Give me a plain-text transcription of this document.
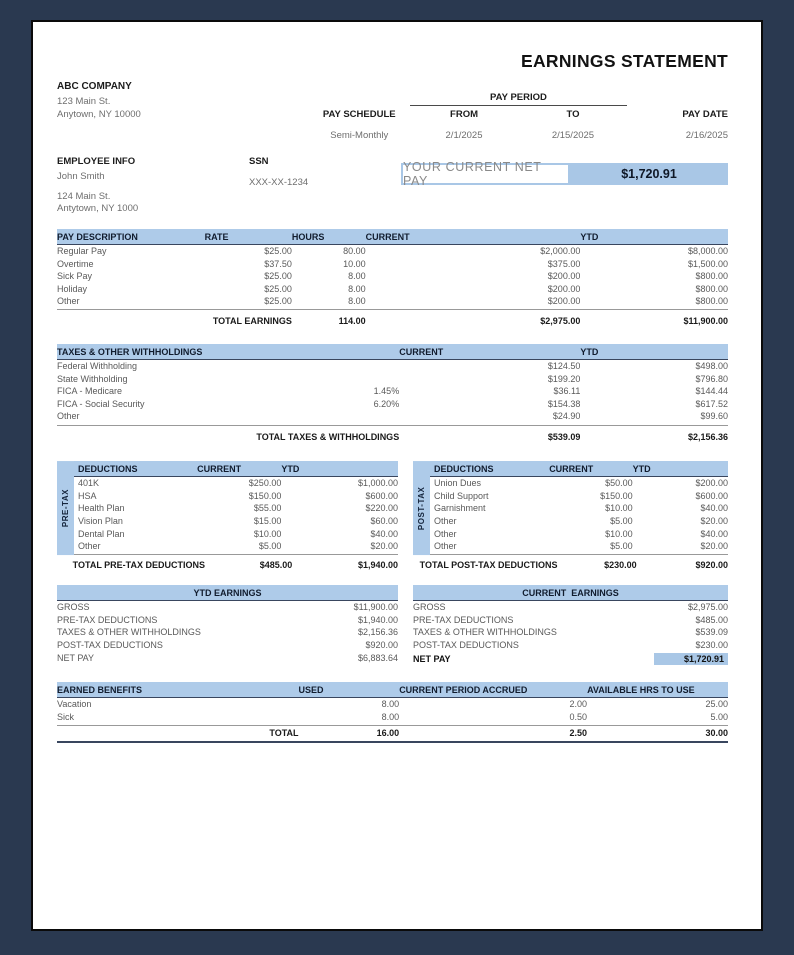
EARNINGS STATEMENT
ABC COMPANY
123 Main St.
Anytown, NY 10000
	PAY PERIOD		
PAY SCHEDULE	FROM	TO	PAY DATE
Semi-Monthly	2/1/2025	2/15/2025	2/16/2025
EMPLOYEE INFO
John Smith
124 Main St.
Antytown, NY 1000
SSN
XXX-XX-1234
YOUR CURRENT NET PAY	$1,720.91
PAY DESCRIPTION	RATE	HOURS	CURRENT	YTD
Regular Pay	$25.00	80.00	$2,000.00	$8,000.00
Overtime	$37.50	10.00	$375.00	$1,500.00
Sick Pay	$25.00	8.00	$200.00	$800.00
Holiday	$25.00	8.00	$200.00	$800.00
Other	$25.00	8.00	$200.00	$800.00
	TOTAL EARNINGS	114.00	$2,975.00	$11,900.00
TAXES & OTHER WITHHOLDINGS		CURRENT	YTD
Federal Withholding		$124.50	$498.00
State Withholding		$199.20	$796.80
FICA - Medicare	1.45%	$36.11	$144.44
FICA - Social Security	6.20%	$154.38	$617.52
Other		$24.90	$99.60
TOTAL TAXES & WITHHOLDINGS		$539.09	$2,156.36
PRE-TAX
DEDUCTIONS	CURRENT	YTD
401K	$250.00	$1,000.00
HSA	$150.00	$600.00
Health Plan	$55.00	$220.00
Vision Plan	$15.00	$60.00
Dental Plan	$10.00	$40.00
Other	$5.00	$20.00
TOTAL PRE-TAX DEDUCTIONS	$485.00	$1,940.00
POST-TAX
DEDUCTIONS	CURRENT	YTD
Union Dues	$50.00	$200.00
Child Support	$150.00	$600.00
Garnishment	$10.00	$40.00
Other	$5.00	$20.00
Other	$10.00	$40.00
Other	$5.00	$20.00
TOTAL POST-TAX DEDUCTIONS	$230.00	$920.00
YTD EARNINGS	
GROSS	$11,900.00
PRE-TAX DEDUCTIONS	$1,940.00
TAXES & OTHER WITHHOLDINGS	$2,156.36
POST-TAX DEDUCTIONS	$920.00
NET PAY	$6,883.64
CURRENT  EARNINGS	
GROSS	$2,975.00
PRE-TAX DEDUCTIONS	$485.00
TAXES & OTHER WITHHOLDINGS	$539.09
POST-TAX DEDUCTIONS	$230.00
NET PAY	$1,720.91
EARNED BENEFITS	USED	CURRENT PERIOD ACCRUED	AVAILABLE HRS TO USE
Vacation	8.00	2.00	25.00
Sick	8.00	0.50	5.00
TOTAL	16.00	2.50	30.00
